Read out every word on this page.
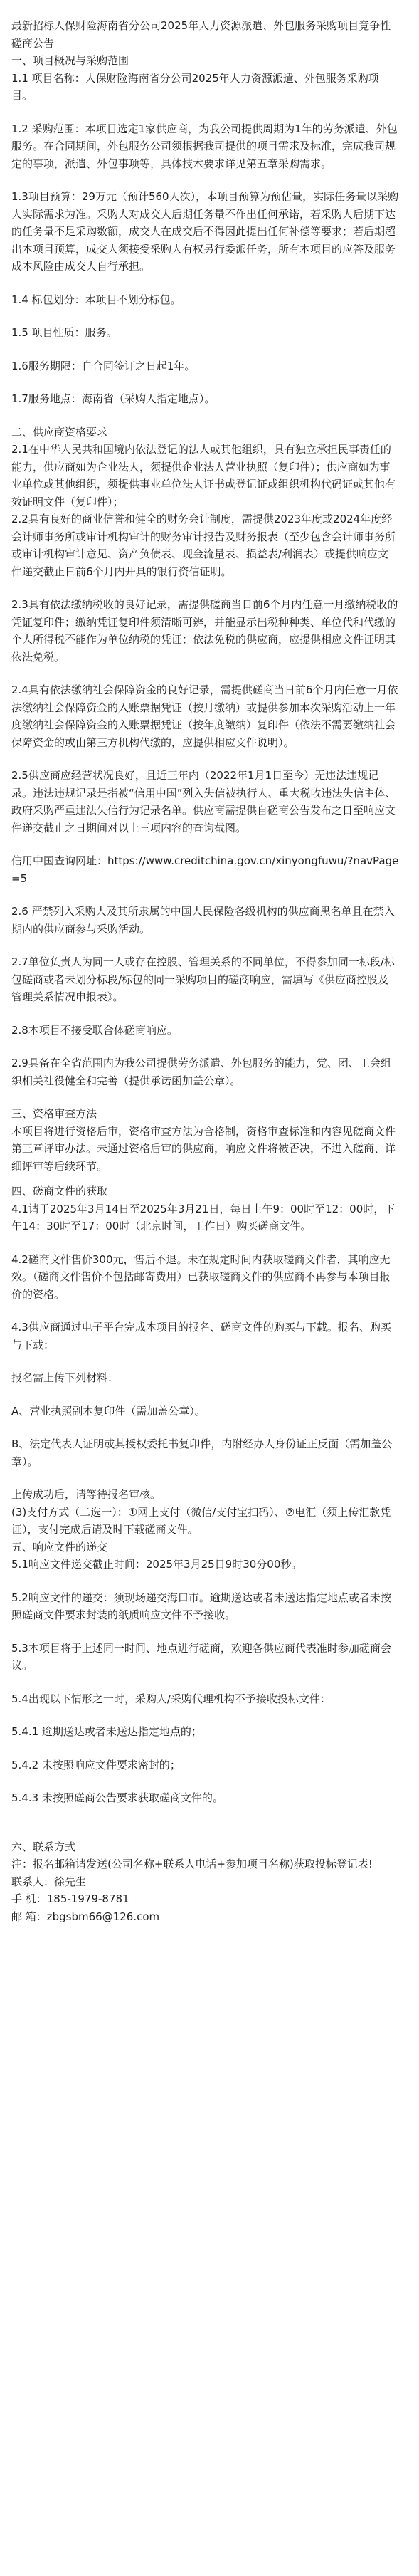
最新招标人保财险海南省分公司2025年人力资源派遣、外包服务采购项目竞争性磋商公告
一、项目概况与采购范围
1.1 项目名称：人保财险海南省分公司2025年人力资源派遣、外包服务采购项目。
1.2 采购范围：本项目选定1家供应商，为我公司提供周期为1年的劳务派遣、外包服务。在合同期间，外包服务公司须根据我司提供的项目需求及标准，完成我司规定的事项，派遣、外包事项等，具体技术要求详见第五章采购需求。
1.3项目预算：29万元（预计560人次），本项目预算为预估量，实际任务量以采购人实际需求为准。采购人对成交人后期任务量不作出任何承诺，若采购人后期下达的任务量不足采购数额，成交人在成交后不得因此提出任何补偿等要求；若后期超出本项目预算，成交人须接受采购人有权另行委派任务，所有本项目的应答及服务成本风险由成交人自行承担。
1.4 标包划分：本项目不划分标包。
1.5 项目性质：服务。
1.6服务期限：自合同签订之日起1年。
1.7服务地点：海南省（采购人指定地点）。
二、供应商资格要求
2.1在中华人民共和国境内依法登记的法人或其他组织，具有独立承担民事责任的能力，供应商如为企业法人，须提供企业法人营业执照（复印件）；供应商如为事业单位或其他组织，须提供事业单位法人证书或登记证或组织机构代码证或其他有效证明文件（复印件）；
2.2具有良好的商业信誉和健全的财务会计制度，需提供2023年度或2024年度经会计师事务所或审计机构审计的财务审计报告及财务报表（至少包含会计师事务所或审计机构审计意见、资产负债表、现金流量表、损益表/利润表）或提供响应文件递交截止日前6个月内开具的银行资信证明。
2.3具有依法缴纳税收的良好记录，需提供磋商当日前6个月内任意一月缴纳税收的凭证复印件；缴纳凭证复印件须清晰可辨，并能显示出税种种类、单位代和代缴的个人所得税不能作为单位纳税的凭证；依法免税的供应商，应提供相应文件证明其依法免税。
2.4具有依法缴纳社会保障资金的良好记录，需提供磋商当日前6个月内任意一月依法缴纳社会保障资金的入账票据凭证（按月缴纳）或提供参加本次采购活动上一年度缴纳社会保障资金的入账票据凭证（按年度缴纳）复印件（依法不需要缴纳社会保障资金的或由第三方机构代缴的，应提供相应文件说明）。
2.5供应商应经营状况良好，且近三年内（2022年1月1日至今）无违法违规记录。违法违规记录是指被“信用中国”列入失信被执行人、重大税收违法失信主体、政府采购严重违法失信行为记录名单。供应商需提供自磋商公告发布之日至响应文件递交截止之日期间对以上三项内容的查询截图。
信用中国查询网址：https://www.creditchina.gov.cn/xinyongfuwu/?navPage=5
2.6 严禁列入采购人及其所隶属的中国人民保险各级机构的供应商黑名单且在禁入期内的供应商参与采购活动。
2.7单位负责人为同一人或存在控股、管理关系的不同单位，不得参加同一标段/标包磋商或者未划分标段/标包的同一采购项目的磋商响应，需填写《供应商控股及管理关系情况申报表》。
2.8本项目不接受联合体磋商响应。
2.9具备在全省范围内为我公司提供劳务派遣、外包服务的能力，党、团、工会组织相关社役健全和完善（提供承诺函加盖公章）。
三、资格审查方法
本项目将进行资格后审，资格审查方法为合格制，资格审查标准和内容见磋商文件第三章评审办法。未通过资格后审的供应商，响应文件将被否决，不进入磋商、详细评审等后续环节。
四、磋商文件的获取
4.1请于2025年3月14日至2025年3月21日，每日上午9：00时至12：00时，下午14：30时至17：00时（北京时间，工作日）购买磋商文件。
4.2磋商文件售价300元，售后不退。未在规定时间内获取磋商文件者，其响应无效。（磋商文件售价不包括邮寄费用）已获取磋商文件的供应商不再参与本项目报价的资格。
4.3供应商通过电子平台完成本项目的报名、磋商文件的购买与下载。报名、购买与下载：
报名需上传下列材料：
A、营业执照副本复印件（需加盖公章）。
B、法定代表人证明或其授权委托书复印件，内附经办人身份证正反面（需加盖公章）。
上传成功后，请等待报名审核。
(3)支付方式（二选一）：①网上支付（微信/支付宝扫码）、②电汇（须上传汇款凭证），支付完成后请及时下载磋商文件。
五、响应文件的递交
5.1响应文件递交截止时间：2025年3月25日9时30分00秒。
5.2响应文件的递交：须现场递交海口市。逾期送达或者未送达指定地点或者未按照磋商文件要求封装的纸质响应文件不予接收。
5.3本项目将于上述同一时间、地点进行磋商，欢迎各供应商代表准时参加磋商会议。
5.4出现以下情形之一时，采购人/采购代理机构不予接收投标文件：
5.4.1 逾期送达或者未送达指定地点的；
5.4.2 未按照响应文件要求密封的；
5.4.3 未按照磋商公告要求获取磋商文件的。
六、联系方式
注：报名邮箱请发送(公司名称+联系人电话+参加项目名称)获取投标登记表!
联系人：徐先生
手 机：185-1979-8781
邮 箱：zbgsbm66@126.com
